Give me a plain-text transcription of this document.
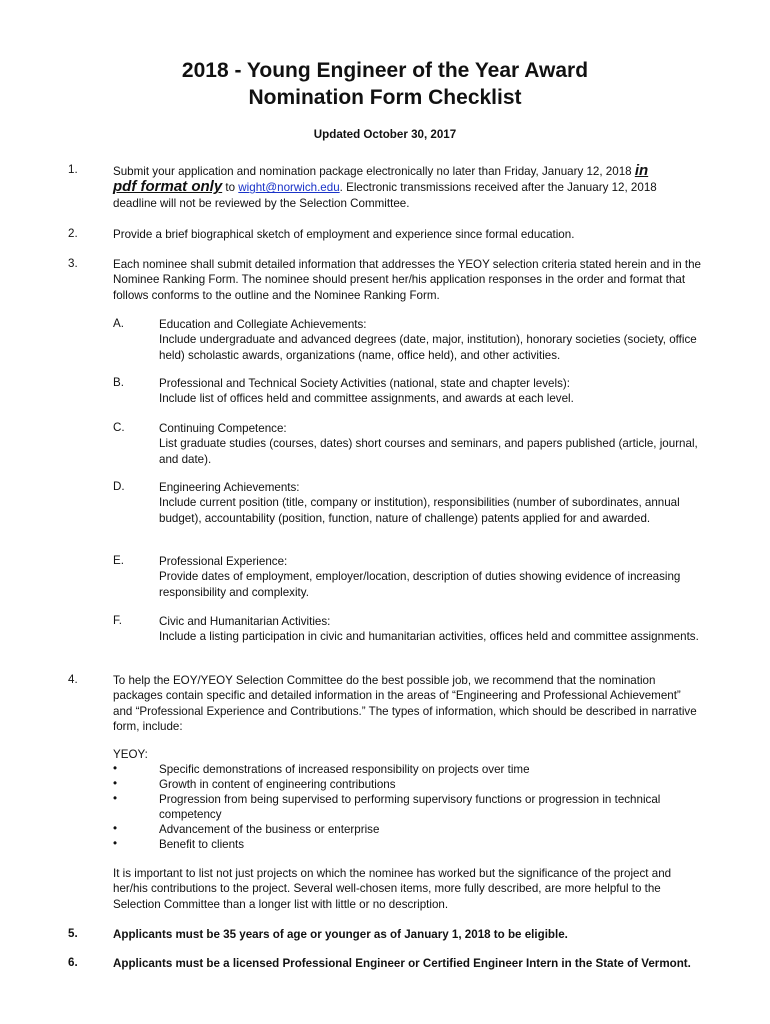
2018 - Young Engineer of the Year Award
Nomination Form Checklist
Updated October 30, 2017
1.	Submit your application and nomination package electronically no later than Friday, January 12, 2018 in
pdf format only to wight@norwich.edu. Electronic transmissions received after the January 12, 2018
deadline will not be reviewed by the Selection Committee.
2.	Provide a brief biographical sketch of employment and experience since formal education.
3.	Each nominee shall submit detailed information that addresses the YEOY selection criteria stated herein and in the Nominee Ranking Form. The nominee should present her/his application responses in the order and format that follows conforms to the outline and the Nominee Ranking Form.
A.	Education and Collegiate Achievements:
Include undergraduate and advanced degrees (date, major, institution), honorary societies (society, office held) scholastic awards, organizations (name, office held), and other activities.
B.	Professional and Technical Society Activities (national, state and chapter levels):
Include list of offices held and committee assignments, and awards at each level.
C.	Continuing Competence:
List graduate studies (courses, dates) short courses and seminars, and papers published (article, journal, and date).
D.	Engineering Achievements:
Include current position (title, company or institution), responsibilities (number of subordinates, annual budget), accountability (position, function, nature of challenge) patents applied for and awarded.
E.	Professional Experience:
Provide dates of employment, employer/location, description of duties showing evidence of increasing responsibility and complexity.
F.	Civic and Humanitarian Activities:
Include a listing participation in civic and humanitarian activities, offices held and committee assignments.
4.	To help the EOY/YEOY Selection Committee do the best possible job, we recommend that the nomination packages contain specific and detailed information in the areas of “Engineering and Professional Achievement” and “Professional Experience and Contributions.” The types of information, which should be described in narrative form, include:
YEOY:
•	Specific demonstrations of increased responsibility on projects over time
•	Growth in content of engineering contributions
•	Progression from being supervised to performing supervisory functions or progression in technical competency
•	Advancement of the business or enterprise
•	Benefit to clients
It is important to list not just projects on which the nominee has worked but the significance of the project and her/his contributions to the project. Several well-chosen items, more fully described, are more helpful to the Selection Committee than a longer list with little or no description.
5.	Applicants must be 35 years of age or younger as of January 1, 2018 to be eligible.
6.	Applicants must be a licensed Professional Engineer or Certified Engineer Intern in the State of Vermont.
